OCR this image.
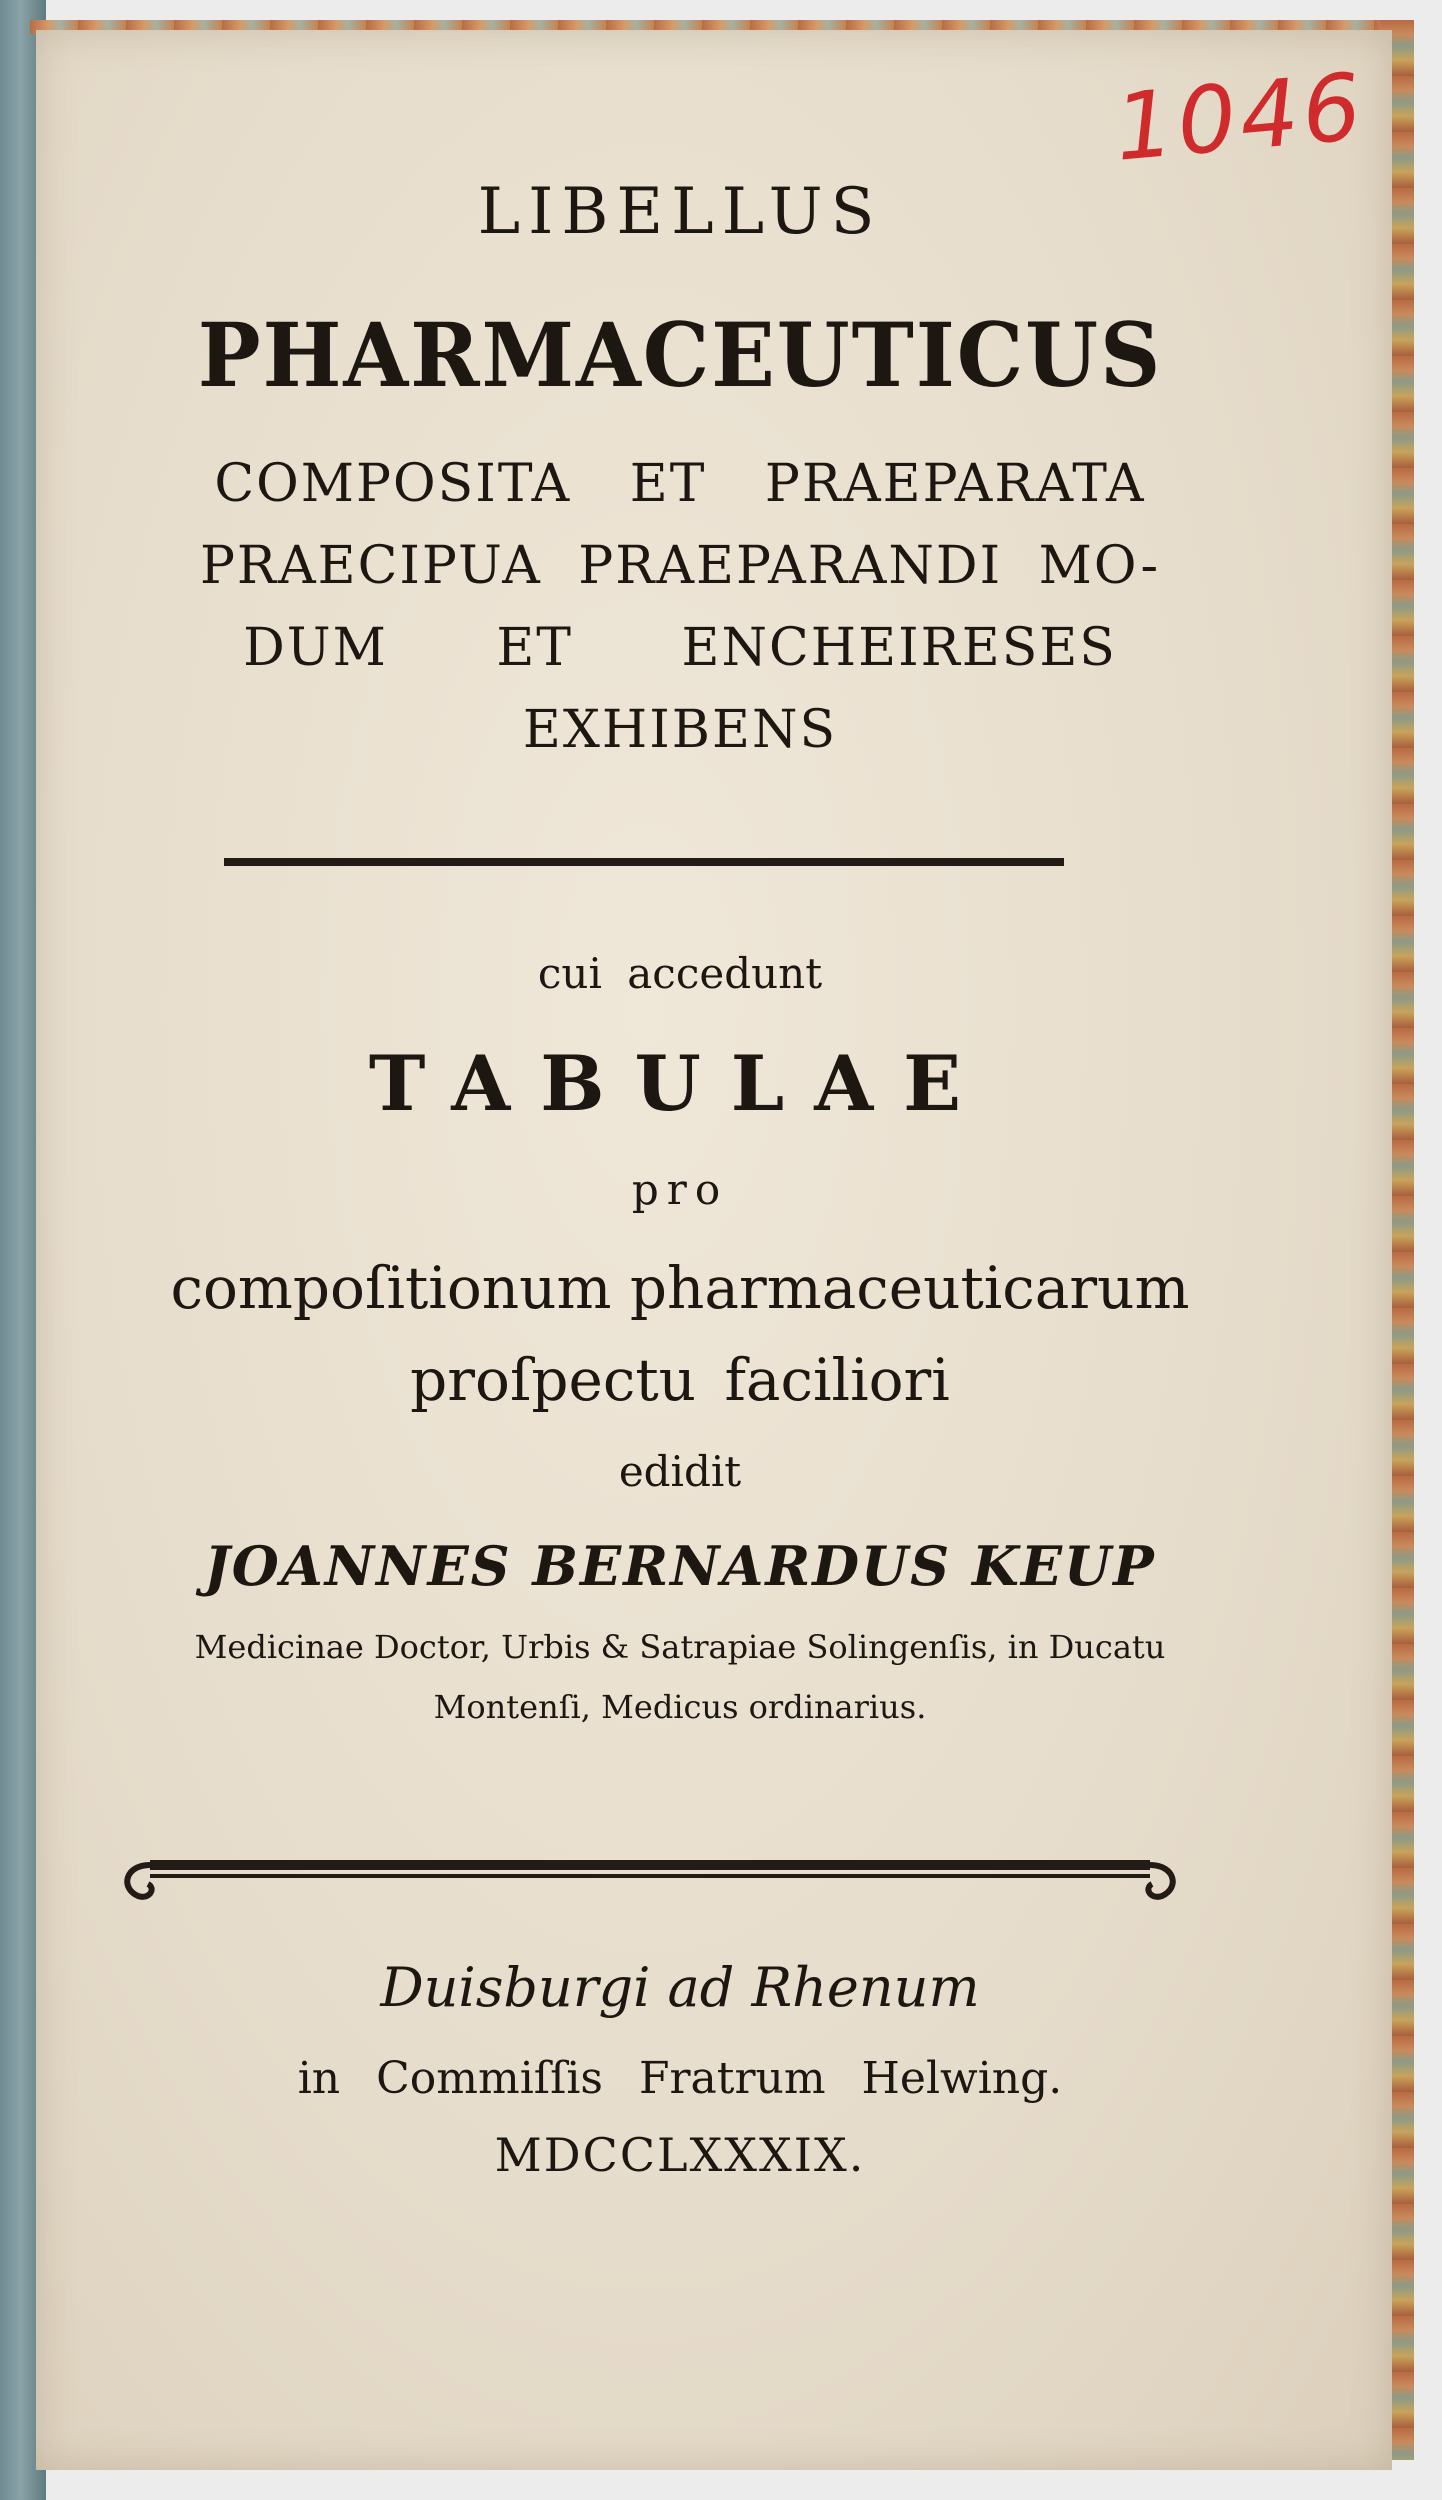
1046
LIBELLUS
PHARMACEUTICUS
COMPOSITA ET PRAEPARATA
PRAECIPUA PRAEPARANDI MO-
DUM ET ENCHEIRESES
EXHIBENS
cui accedunt
TABULAE
pro
compoſitionum pharmaceuticarum
proſpectu faciliori
edidit
JOANNES BERNARDUS KEUP
Medicinae Doctor, Urbis & Satrapiae Solingenſis, in Ducatu
Montenſi, Medicus ordinarius.
Duisburgi ad Rhenum
in Commiſſis Fratrum Helwing.
MDCCLXXXIX.
